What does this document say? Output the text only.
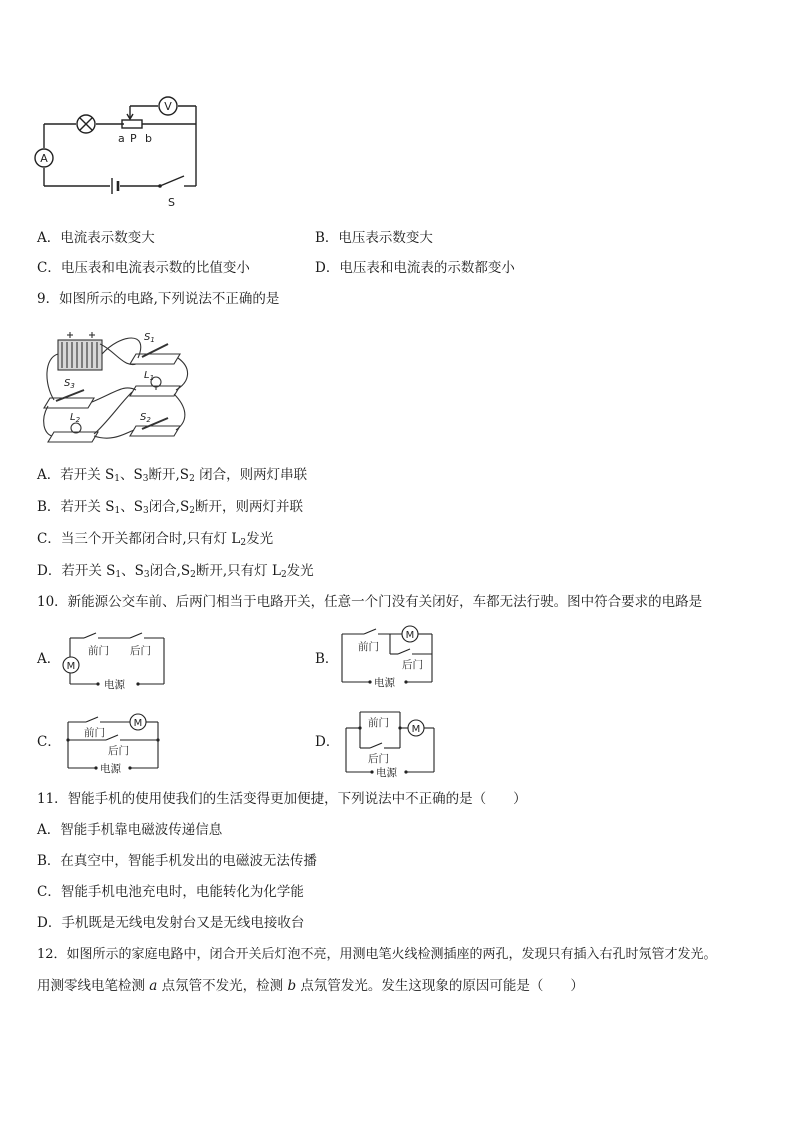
V
A
a P b
S
A．电流表示数变大	B．电压表示数变大
C．电压表和电流表示数的比值变小	D．电压表和电流表的示数都变小
9．如图所示的电路,下列说法不正确的是
$S_1$
$L_1$
$S_2$
$S_3$
$L_2$
A．若开关 $S_1$、$S_3$断开$,S_2$ 闭合，则两灯串联
B．若开关 $S_1$、$S_3$闭合$,S_2$断开，则两灯并联
C．当三个开关都闭合时,只有灯 $L_2$发光
D．若开关 $S_1$、$S_3$闭合$,S_2$断开,只有灯 $L_2$发光
10．新能源公交车前、后两门相当于电路开关，任意一个门没有关闭好，车都无法行驶。图中符合要求的电路是
A． M
前门 后门
电源
B．
M
前门
后门
电源
C．
M
前门
后门
电源
D．
M
前门
后门
电源
11．智能手机的使用使我们的生活变得更加便捷，下列说法中不正确的是（　　）
A．智能手机靠电磁波传递信息
B．在真空中，智能手机发出的电磁波无法传播
C．智能手机电池充电时，电能转化为化学能
D．手机既是无线电发射台又是无线电接收台
12．如图所示的家庭电路中，闭合开关后灯泡不亮，用测电笔火线检测插座的两孔，发现只有插入右孔时氖管才发光。
用测零线电笔检测 a 点氖管不发光，检测 b 点氖管发光。发生这现象的原因可能是（　　）
